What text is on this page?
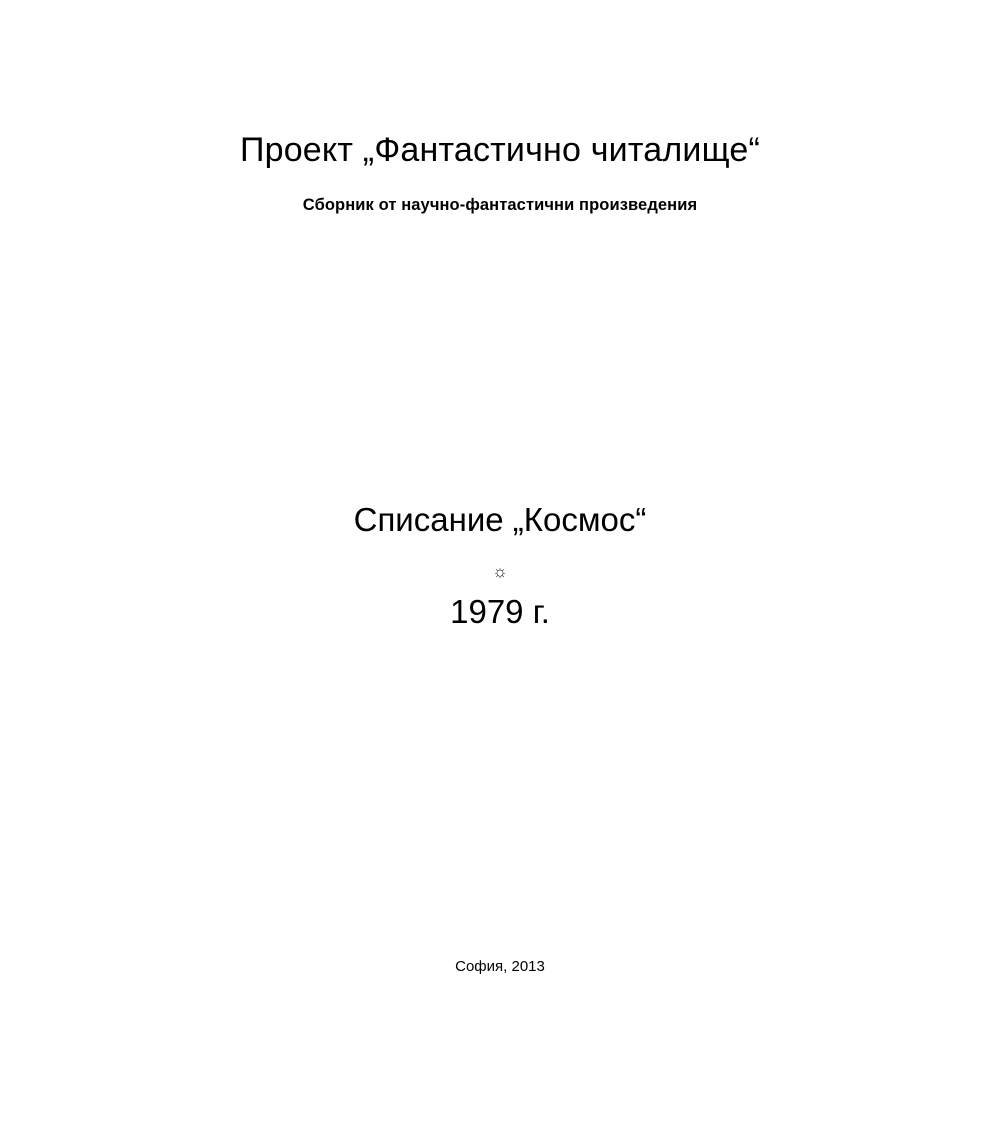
Проект „Фантастично читалище“
Сборник от научно-фантастични произведения
Списание „Космос“
☼
1979 г.
София, 2013
